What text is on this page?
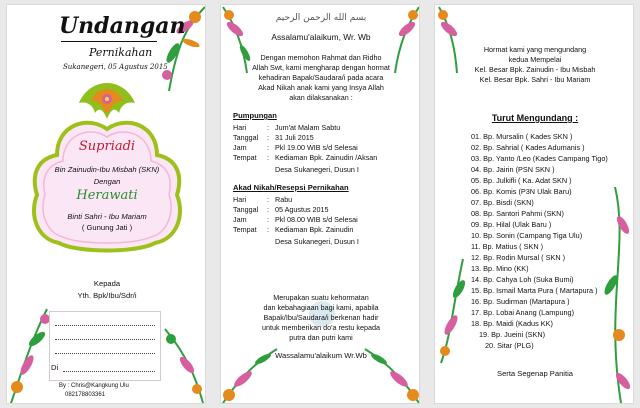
Undangan
Pernikahan
Sukanegeri, 05 Agustus 2015
Supriadi
Bin Zainudin-Ibu Misbah (SKN)
Dengan
Herawati
Binti Sahri - Ibu Mariam
( Gunung Jati )
Kepada
Yth. Bpk/Ibu/Sdr/i
Di
By : Chris@Kangkung Ulu
082178803361
بسم الله الرحمن الرحيم
Assalamu'alaikum, Wr. Wb
Dengan memohon Rahmat dan Ridho
Allah Swt, kami mengharap dengan hormat
kehadiran Bapak/Saudara/i pada acara
Akad Nikah anak kami yang Insya Allah
akan dilaksanakan :
Pumpungan
Hari	: Jum'at Malam Sabtu
Tanggal : 31 Juli 2015
Jam	: Pkl 19.00 WIB s/d Selesai
Tempat : Kediaman Bpk. Zainudin /Aksan
Desa Sukanegeri, Dusun I
Akad Nikah/Resepsi Pernikahan
Hari	: Rabu
Tanggal : 05 Agustus 2015
Jam	: Pkl 08.00 WIB s/d Selesai
Tempat : Kediaman Bpk. Zainudin
Desa Sukanegeri, Dusun I
Merupakan suatu kehormatan
dan kebahagiaan bagi kami, apabila
Bapak/Ibu/Saudara/i berkenan hadir
untuk memberikan do'a restu kepada
putra dan putri kami
Wassalamu'alaikum Wr.Wb
Hormat kami yang mengundang
kedua Mempelai
Kel. Besar Bpk. Zainudin - Ibu Misbah
Kel. Besar Bpk. Sahri - Ibu Mariam
Turut Mengundang :
01. Bp. Mursalin ( Kades SKN )
02. Bp. Sahrial ( Kades Adumanis )
03. Bp. Yanto /Leo (Kades Campang Tigo)
04. Bp. Jairin (PSN SKN )
05. Bp. Julkifli ( Ka. Adat SKN )
06. Bp. Komis (P3N Ulak Baru)
07. Bp. Bisdi (SKN)
08. Bp. Santori Pahmi (SKN)
09. Bp. Hilal (Ulak Baru )
10. Bp. Sonin (Campang Tiga Ulu)
11. Bp. Matius ( SKN )
12. Bp. Rodin Mursal ( SKN )
13. Bp. Mino (KK)
14. Bp. Cahya Loh (Suka Bumi)
15. Bp. Ismail Marta Pura ( Martapura )
16. Bp. Sudirman (Martapura )
17. Bp. Lobai Anang (Lampung)
18. Bp. Maidi (Kadus KK)
19. Bp. Jueini (SKN)
20. Sitar (PLG)
Serta Segenap Panitia
